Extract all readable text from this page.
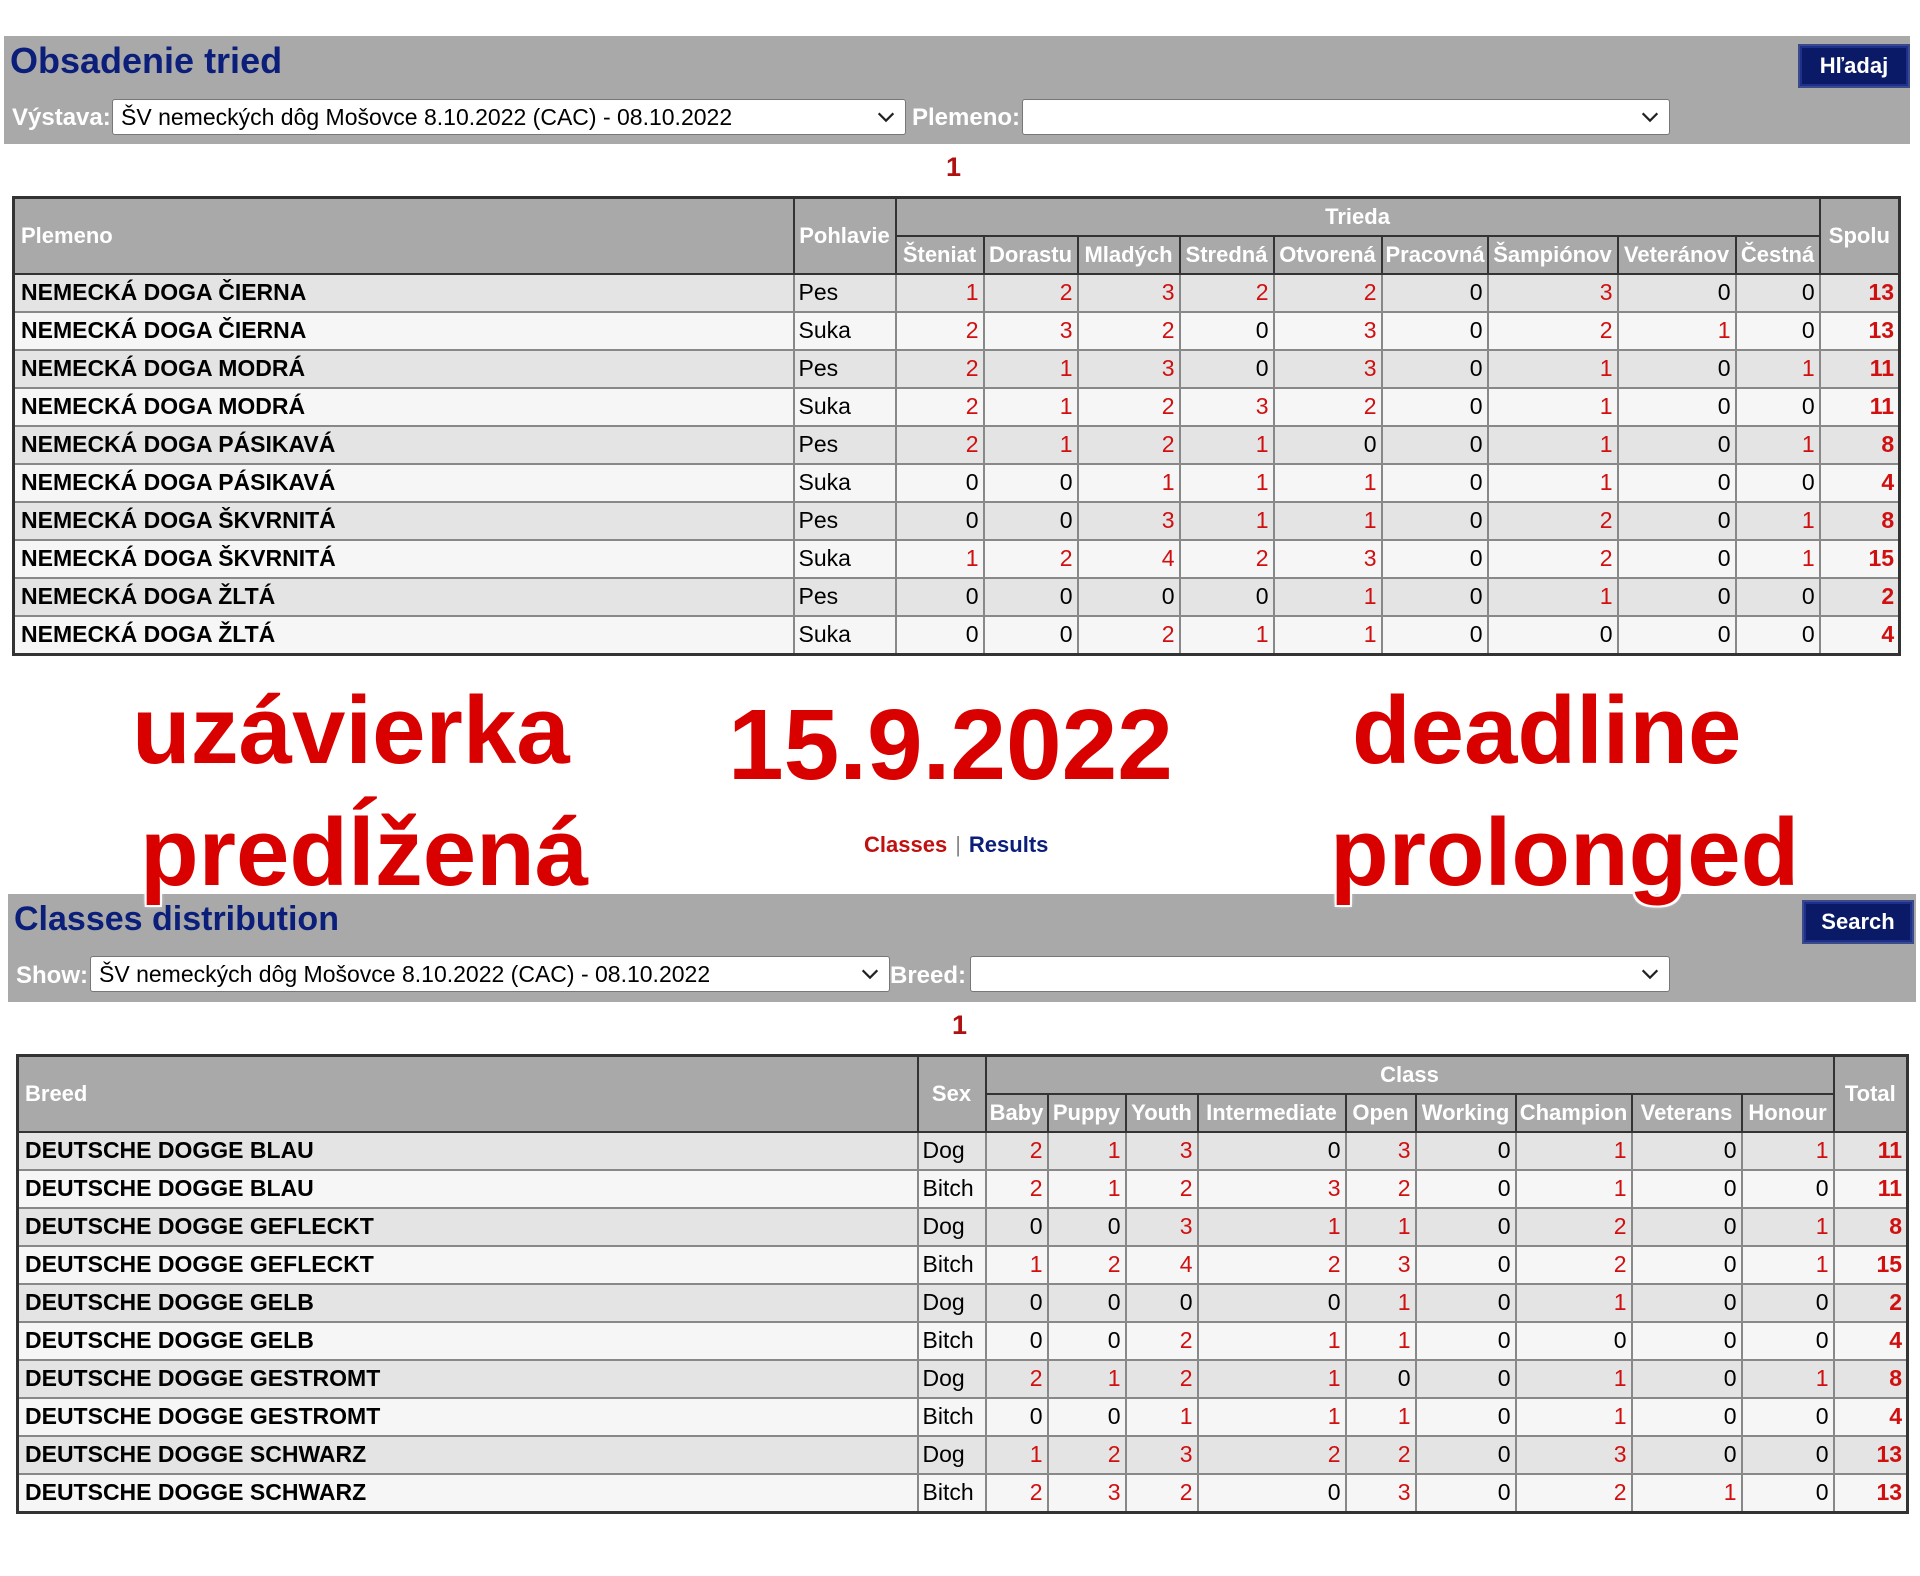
Obsadenie tried	Hľadaj
Výstava: ŠV nemeckých dôg Mošovce 8.10.2022 (CAC) - 08.10.2022	Plemeno:
1
Plemeno	Pohlavie	Trieda									Spolu
		Šteniat	Dorastu	Mladých	Stredná	Otvorená	Pracovná	Šampiónov	Veteránov	Čestná	
NEMECKÁ DOGA ČIERNA	Pes	1	2	3	2	2	0	3	0	0	13
NEMECKÁ DOGA ČIERNA	Suka	2	3	2	0	3	0	2	1	0	13
NEMECKÁ DOGA MODRÁ	Pes	2	1	3	0	3	0	1	0	1	11
NEMECKÁ DOGA MODRÁ	Suka	2	1	2	3	2	0	1	0	0	11
NEMECKÁ DOGA PÁSIKAVÁ	Pes	2	1	2	1	0	0	1	0	1	8
NEMECKÁ DOGA PÁSIKAVÁ	Suka	0	0	1	1	1	0	1	0	0	4
NEMECKÁ DOGA ŠKVRNITÁ	Pes	0	0	3	1	1	0	2	0	1	8
NEMECKÁ DOGA ŠKVRNITÁ	Suka	1	2	4	2	3	0	2	0	1	15
NEMECKÁ DOGA ŽLTÁ	Pes	0	0	0	0	1	0	1	0	0	2
NEMECKÁ DOGA ŽLTÁ	Suka	0	0	2	1	1	0	0	0	0	4
uzávierka
predĺžená
15.9.2022 deadline
prolonged
Classes | Results
Classes distribution	Search
Show: ŠV nemeckých dôg Mošovce 8.10.2022 (CAC) - 08.10.2022	Breed:
1
Breed	Sex	Class									Total
		Baby	Puppy	Youth	Intermediate	Open	Working	Champion	Veterans	Honour	
DEUTSCHE DOGGE BLAU	Dog	2	1	3	0	3	0	1	0	1	11
DEUTSCHE DOGGE BLAU	Bitch	2	1	2	3	2	0	1	0	0	11
DEUTSCHE DOGGE GEFLECKT	Dog	0	0	3	1	1	0	2	0	1	8
DEUTSCHE DOGGE GEFLECKT	Bitch	1	2	4	2	3	0	2	0	1	15
DEUTSCHE DOGGE GELB	Dog	0	0	0	0	1	0	1	0	0	2
DEUTSCHE DOGGE GELB	Bitch	0	0	2	1	1	0	0	0	0	4
DEUTSCHE DOGGE GESTROMT	Dog	2	1	2	1	0	0	1	0	1	8
DEUTSCHE DOGGE GESTROMT	Bitch	0	0	1	1	1	0	1	0	0	4
DEUTSCHE DOGGE SCHWARZ	Dog	1	2	3	2	2	0	3	0	0	13
DEUTSCHE DOGGE SCHWARZ	Bitch	2	3	2	0	3	0	2	1	0	13
